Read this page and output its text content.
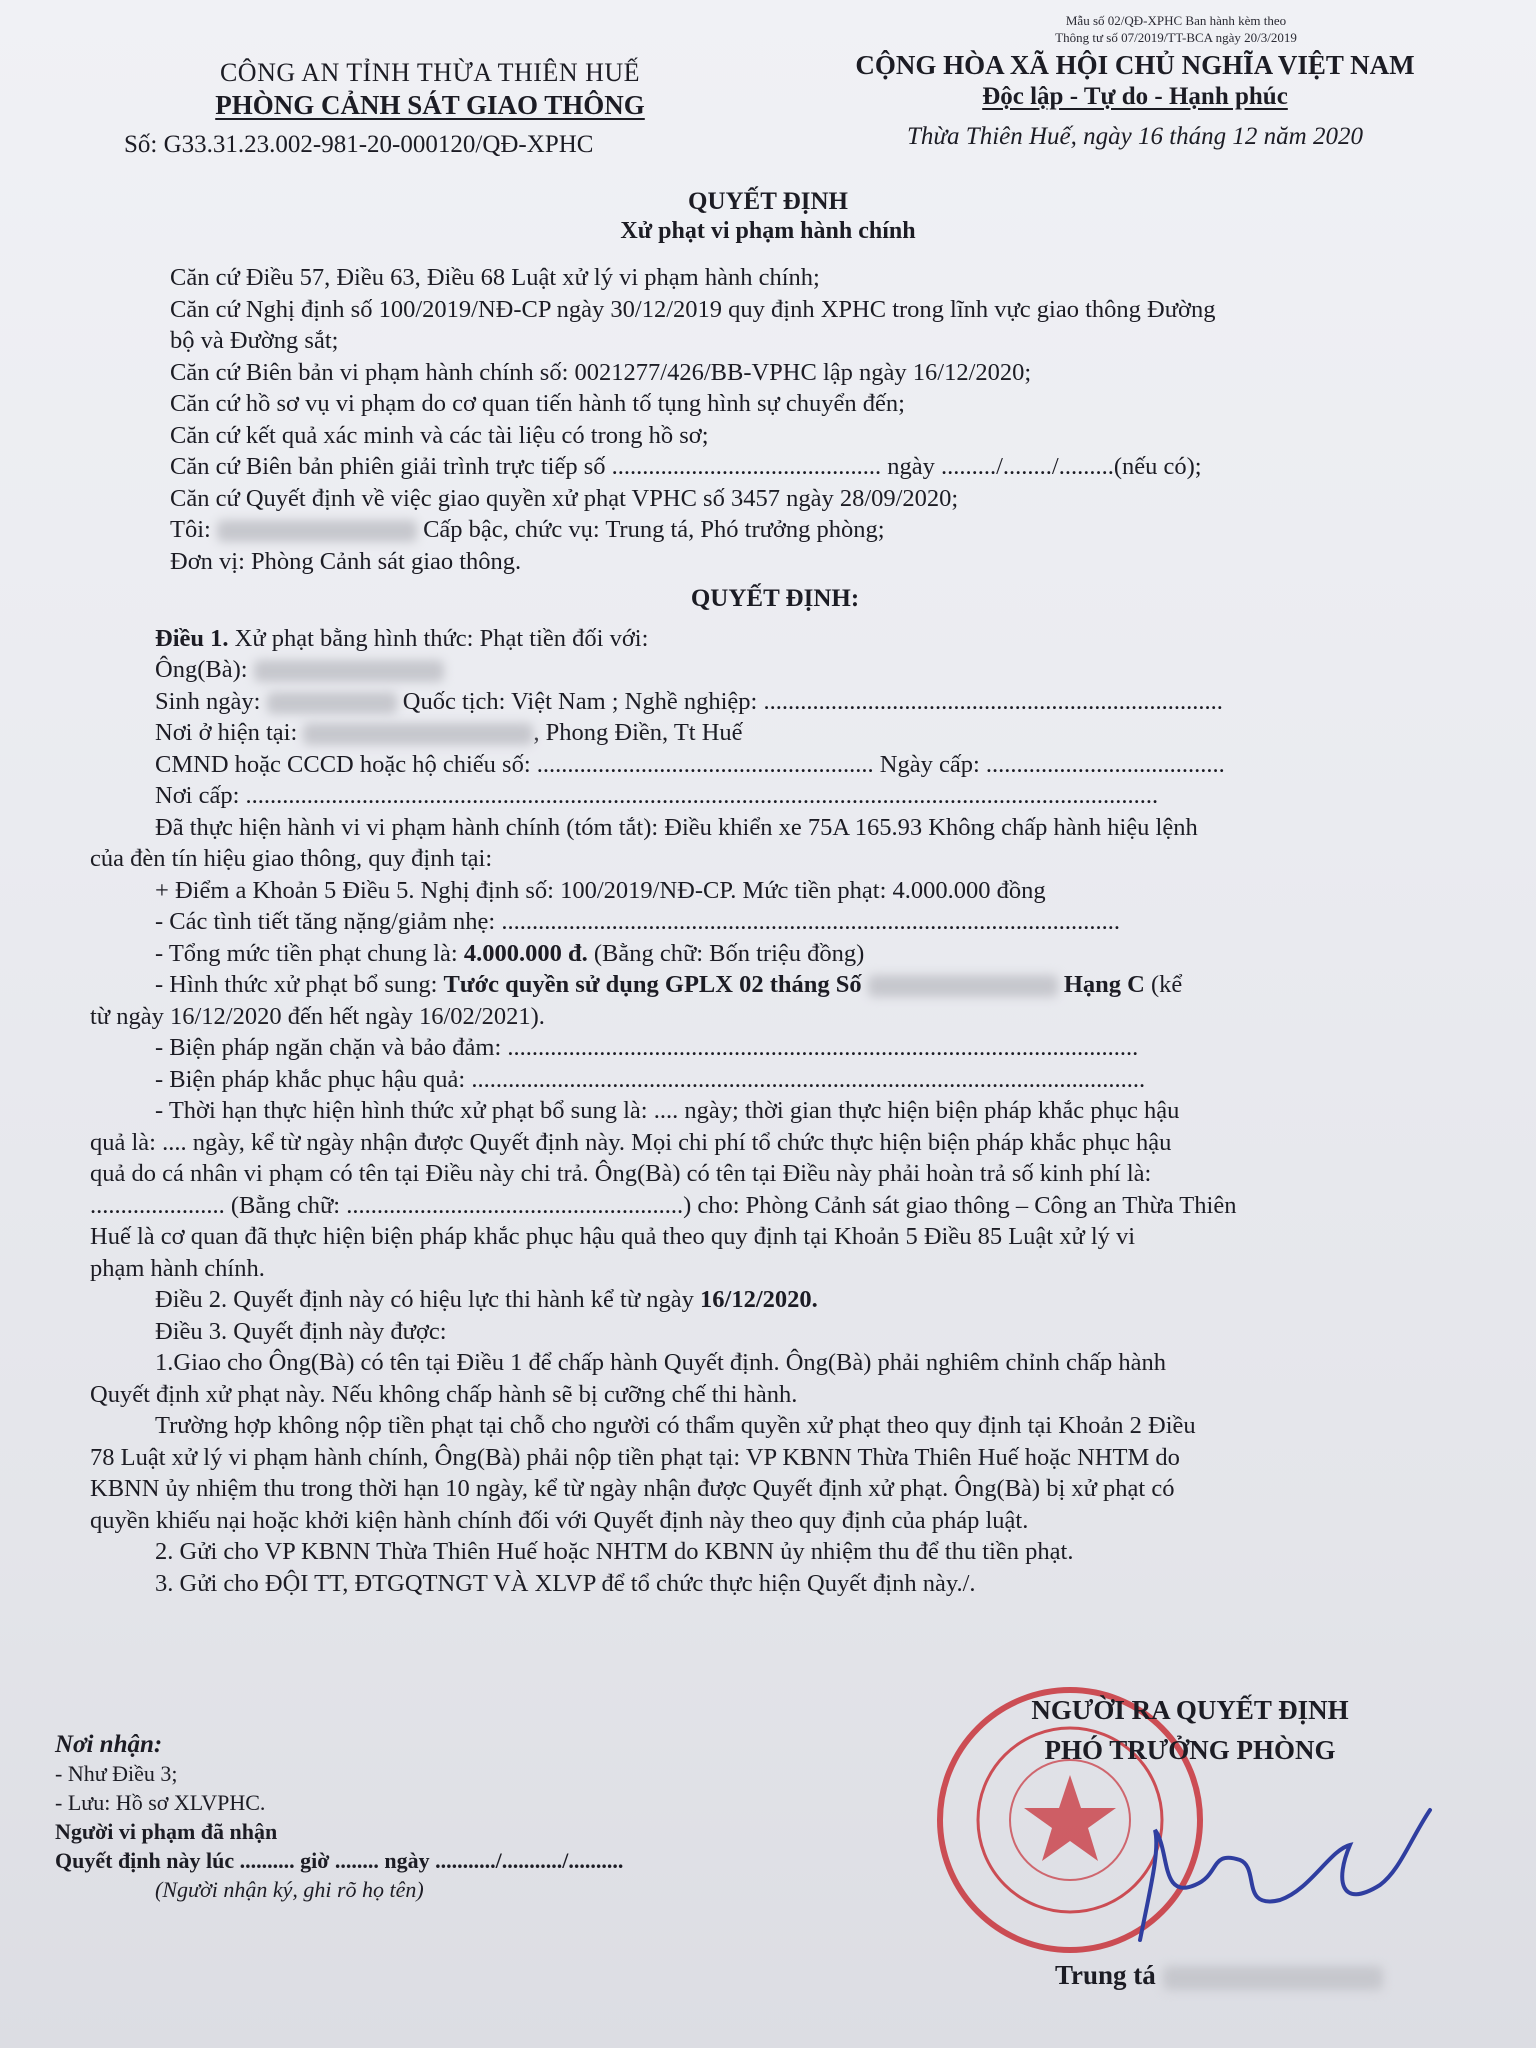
Mẫu số 02/QĐ-XPHC Ban hành kèm theo
Thông tư số 07/2019/TT-BCA ngày 20/3/2019
CÔNG AN TỈNH THỪA THIÊN HUẾ
PHÒNG CẢNH SÁT GIAO THÔNG
Số: G33.31.23.002-981-20-000120/QĐ-XPHC
CỘNG HÒA XÃ HỘI CHỦ NGHĨA VIỆT NAM
Độc lập - Tự do - Hạnh phúc
Thừa Thiên Huế, ngày 16 tháng 12 năm 2020
QUYẾT ĐỊNH
Xử phạt vi phạm hành chính

Căn cứ Điều 57, Điều 63, Điều 68 Luật xử lý vi phạm hành chính;

Căn cứ Nghị định số 100/2019/NĐ-CP ngày 30/12/2019 quy định XPHC trong lĩnh vực giao thông Đường

bộ và Đường sắt;

Căn cứ Biên bản vi phạm hành chính số: 0021277/426/BB-VPHC lập ngày 16/12/2020;

Căn cứ hồ sơ vụ vi phạm do cơ quan tiến hành tố tụng hình sự chuyển đến;

Căn cứ kết quả xác minh và các tài liệu có trong hồ sơ;

Căn cứ Biên bản phiên giải trình trực tiếp số ............................................ ngày ........./......../.........(nếu có);

Căn cứ Quyết định về việc giao quyền xử phạt VPHC số 3457 ngày 28/09/2020;

Tôi:	Cấp bậc, chức vụ: Trung tá, Phó trưởng phòng;

Đơn vị: Phòng Cảnh sát giao thông.

QUYẾT ĐỊNH:

Điều 1. Xử phạt bằng hình thức: Phạt tiền đối với:

Ông(Bà):

Sinh ngày:	Quốc tịch: Việt Nam ; Nghề nghiệp: ...........................................................................

Nơi ở hiện tại:	, Phong Điền, Tt Huế

CMND hoặc CCCD hoặc hộ chiếu số: ....................................................... Ngày cấp: .......................................

Nơi cấp: .....................................................................................................................................................

Đã thực hiện hành vi vi phạm hành chính (tóm tắt): Điều khiển xe 75A 165.93 Không chấp hành hiệu lệnh

của đèn tín hiệu giao thông, quy định tại:

+ Điểm a Khoản 5 Điều 5. Nghị định số: 100/2019/NĐ-CP. Mức tiền phạt: 4.000.000 đồng

- Các tình tiết tăng nặng/giảm nhẹ: .....................................................................................................

- Tổng mức tiền phạt chung là: 4.000.000 đ. (Bằng chữ: Bốn triệu đồng)

- Hình thức xử phạt bổ sung: Tước quyền sử dụng GPLX 02 tháng Số	Hạng C (kể

từ ngày 16/12/2020 đến hết ngày 16/02/2021).

- Biện pháp ngăn chặn và bảo đảm: .......................................................................................................

- Biện pháp khắc phục hậu quả: ..............................................................................................................

- Thời hạn thực hiện hình thức xử phạt bổ sung là: .... ngày; thời gian thực hiện biện pháp khắc phục hậu

quả là: .... ngày, kể từ ngày nhận được Quyết định này. Mọi chi phí tổ chức thực hiện biện pháp khắc phục hậu

quả do cá nhân vi phạm có tên tại Điều này chi trả. Ông(Bà) có tên tại Điều này phải hoàn trả số kinh phí là:

...................... (Bằng chữ: .......................................................) cho: Phòng Cảnh sát giao thông – Công an Thừa Thiên

Huế là cơ quan đã thực hiện biện pháp khắc phục hậu quả theo quy định tại Khoản 5 Điều 85 Luật xử lý vi

phạm hành chính.

Điều 2. Quyết định này có hiệu lực thi hành kể từ ngày 16/12/2020.

Điều 3. Quyết định này được:

1.Giao cho Ông(Bà) có tên tại Điều 1 để chấp hành Quyết định. Ông(Bà) phải nghiêm chỉnh chấp hành

Quyết định xử phạt này. Nếu không chấp hành sẽ bị cưỡng chế thi hành.

Trường hợp không nộp tiền phạt tại chỗ cho người có thẩm quyền xử phạt theo quy định tại Khoản 2 Điều

78 Luật xử lý vi phạm hành chính, Ông(Bà) phải nộp tiền phạt tại: VP KBNN Thừa Thiên Huế hoặc NHTM do

KBNN ủy nhiệm thu trong thời hạn 10 ngày, kể từ ngày nhận được Quyết định xử phạt. Ông(Bà) bị xử phạt có

quyền khiếu nại hoặc khởi kiện hành chính đối với Quyết định này theo quy định của pháp luật.

2. Gửi cho VP KBNN Thừa Thiên Huế hoặc NHTM do KBNN ủy nhiệm thu để thu tiền phạt.

3. Gửi cho ĐỘI TT, ĐTGQTNGT VÀ XLVP để tổ chức thực hiện Quyết định này./.

Nơi nhận:
- Như Điều 3;
- Lưu: Hồ sơ XLVPHC.
Người vi phạm đã nhận
Quyết định này lúc .......... giờ ........ ngày .........../.........../..........
(Người nhận ký, ghi rõ họ tên)
NGƯỜI RA QUYẾT ĐỊNH
PHÓ TRƯỞNG PHÒNG
Trung tá
